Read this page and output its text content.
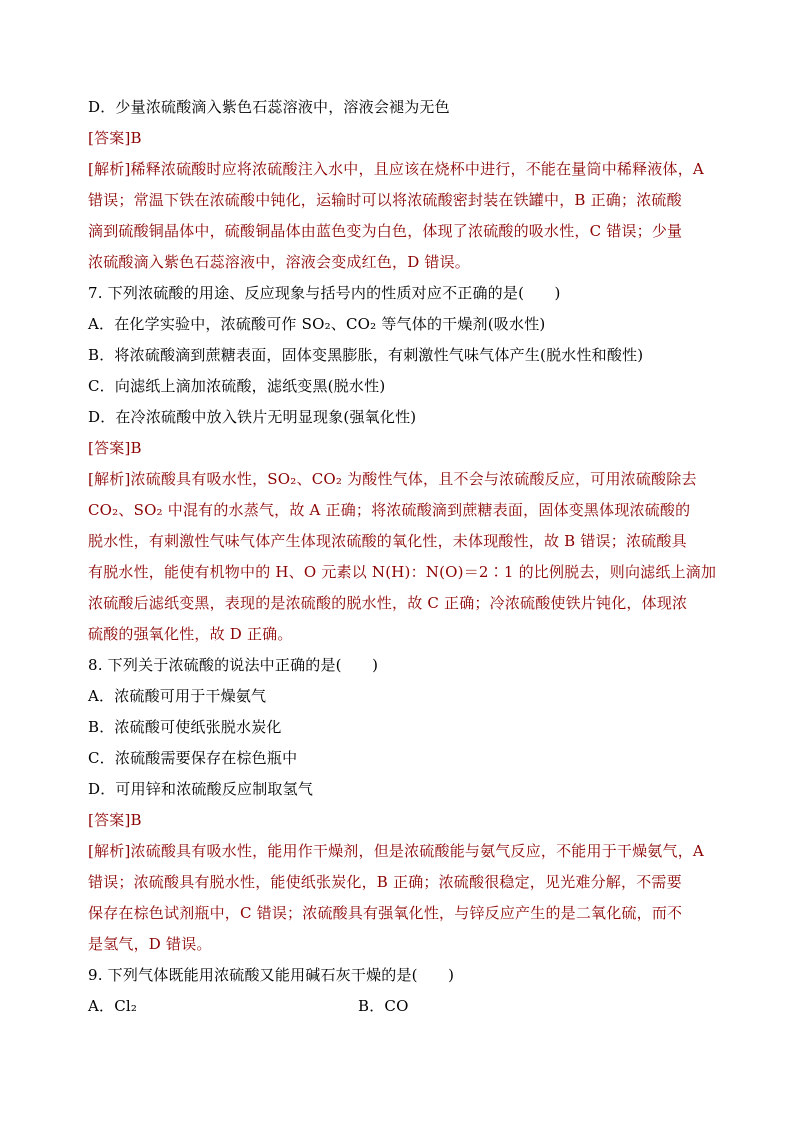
D．少量浓硫酸滴入紫色石蕊溶液中，溶液会褪为无色
[答案]B
[解析]稀释浓硫酸时应将浓硫酸注入水中，且应该在烧杯中进行，不能在量筒中稀释液体，A
错误；常温下铁在浓硫酸中钝化，运输时可以将浓硫酸密封装在铁罐中，B 正确；浓硫酸
滴到硫酸铜晶体中，硫酸铜晶体由蓝色变为白色，体现了浓硫酸的吸水性，C 错误；少量
浓硫酸滴入紫色石蕊溶液中，溶液会变成红色，D 错误。
7. 下列浓硫酸的用途、反应现象与括号内的性质对应不正确的是(　　)
A．在化学实验中，浓硫酸可作 SO₂、CO₂ 等气体的干燥剂(吸水性)
B．将浓硫酸滴到蔗糖表面，固体变黑膨胀，有刺激性气味气体产生(脱水性和酸性)
C．向滤纸上滴加浓硫酸，滤纸变黑(脱水性)
D．在冷浓硫酸中放入铁片无明显现象(强氧化性)
[答案]B
[解析]浓硫酸具有吸水性，SO₂、CO₂ 为酸性气体，且不会与浓硫酸反应，可用浓硫酸除去
CO₂、SO₂ 中混有的水蒸气，故 A 正确；将浓硫酸滴到蔗糖表面，固体变黑体现浓硫酸的
脱水性，有刺激性气味气体产生体现浓硫酸的氧化性，未体现酸性，故 B 错误；浓硫酸具
有脱水性，能使有机物中的 H、O 元素以 N(H)：N(O)＝2∶1 的比例脱去，则向滤纸上滴加
浓硫酸后滤纸变黑，表现的是浓硫酸的脱水性，故 C 正确；冷浓硫酸使铁片钝化，体现浓
硫酸的强氧化性，故 D 正确。
8. 下列关于浓硫酸的说法中正确的是(　　)
A．浓硫酸可用于干燥氨气
B．浓硫酸可使纸张脱水炭化
C．浓硫酸需要保存在棕色瓶中
D．可用锌和浓硫酸反应制取氢气
[答案]B
[解析]浓硫酸具有吸水性，能用作干燥剂，但是浓硫酸能与氨气反应，不能用于干燥氨气，A
错误；浓硫酸具有脱水性，能使纸张炭化，B 正确；浓硫酸很稳定，见光难分解，不需要
保存在棕色试剂瓶中，C 错误；浓硫酸具有强氧化性，与锌反应产生的是二氧化硫，而不
是氢气，D 错误。
9. 下列气体既能用浓硫酸又能用碱石灰干燥的是(　　)
A．Cl₂	B．CO
